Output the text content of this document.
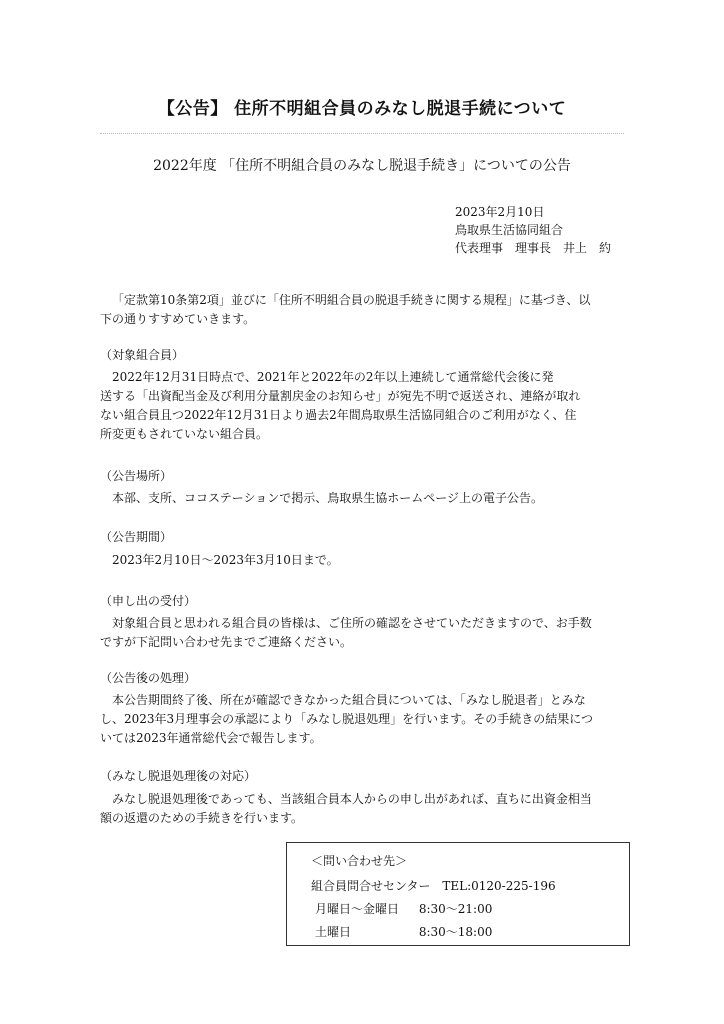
【公告】 住所不明組合員のみなし脱退手続について
2022年度 「住所不明組合員のみなし脱退手続き」についての公告
2023年2月10日
鳥取県生活協同組合
代表理事　理事長　井上　約
「定款第10条第2項」並びに「住所不明組合員の脱退手続きに関する規程」に基づき、以
下の通りすすめていきます。
（対象組合員）
2022年12月31日時点で、2021年と2022年の2年以上連続して通常総代会後に発
送する「出資配当金及び利用分量割戻金のお知らせ」が宛先不明で返送され、連絡が取れ
ない組合員且つ2022年12月31日より過去2年間鳥取県生活協同組合のご利用がなく、住
所変更もされていない組合員。
（公告場所）
本部、支所、ココステーションで掲示、鳥取県生協ホームページ上の電子公告。
（公告期間）
2023年2月10日～2023年3月10日まで。
（申し出の受付）
対象組合員と思われる組合員の皆様は、ご住所の確認をさせていただきますので、お手数
ですが下記問い合わせ先までご連絡ください。
（公告後の処理）
本公告期間終了後、所在が確認できなかった組合員については、「みなし脱退者」とみな
し、2023年3月理事会の承認により「みなし脱退処理」を行います。その手続きの結果につ
いては2023年通常総代会で報告します。
（みなし脱退処理後の対応）
みなし脱退処理後であっても、当該組合員本人からの申し出があれば、直ちに出資金相当
額の返還のための手続きを行います。
＜問い合わせ先＞
組合員問合せセンター TEL:0120-225-196
月曜日～金曜日 8:30～21:00
土曜日	8:30～18:00
